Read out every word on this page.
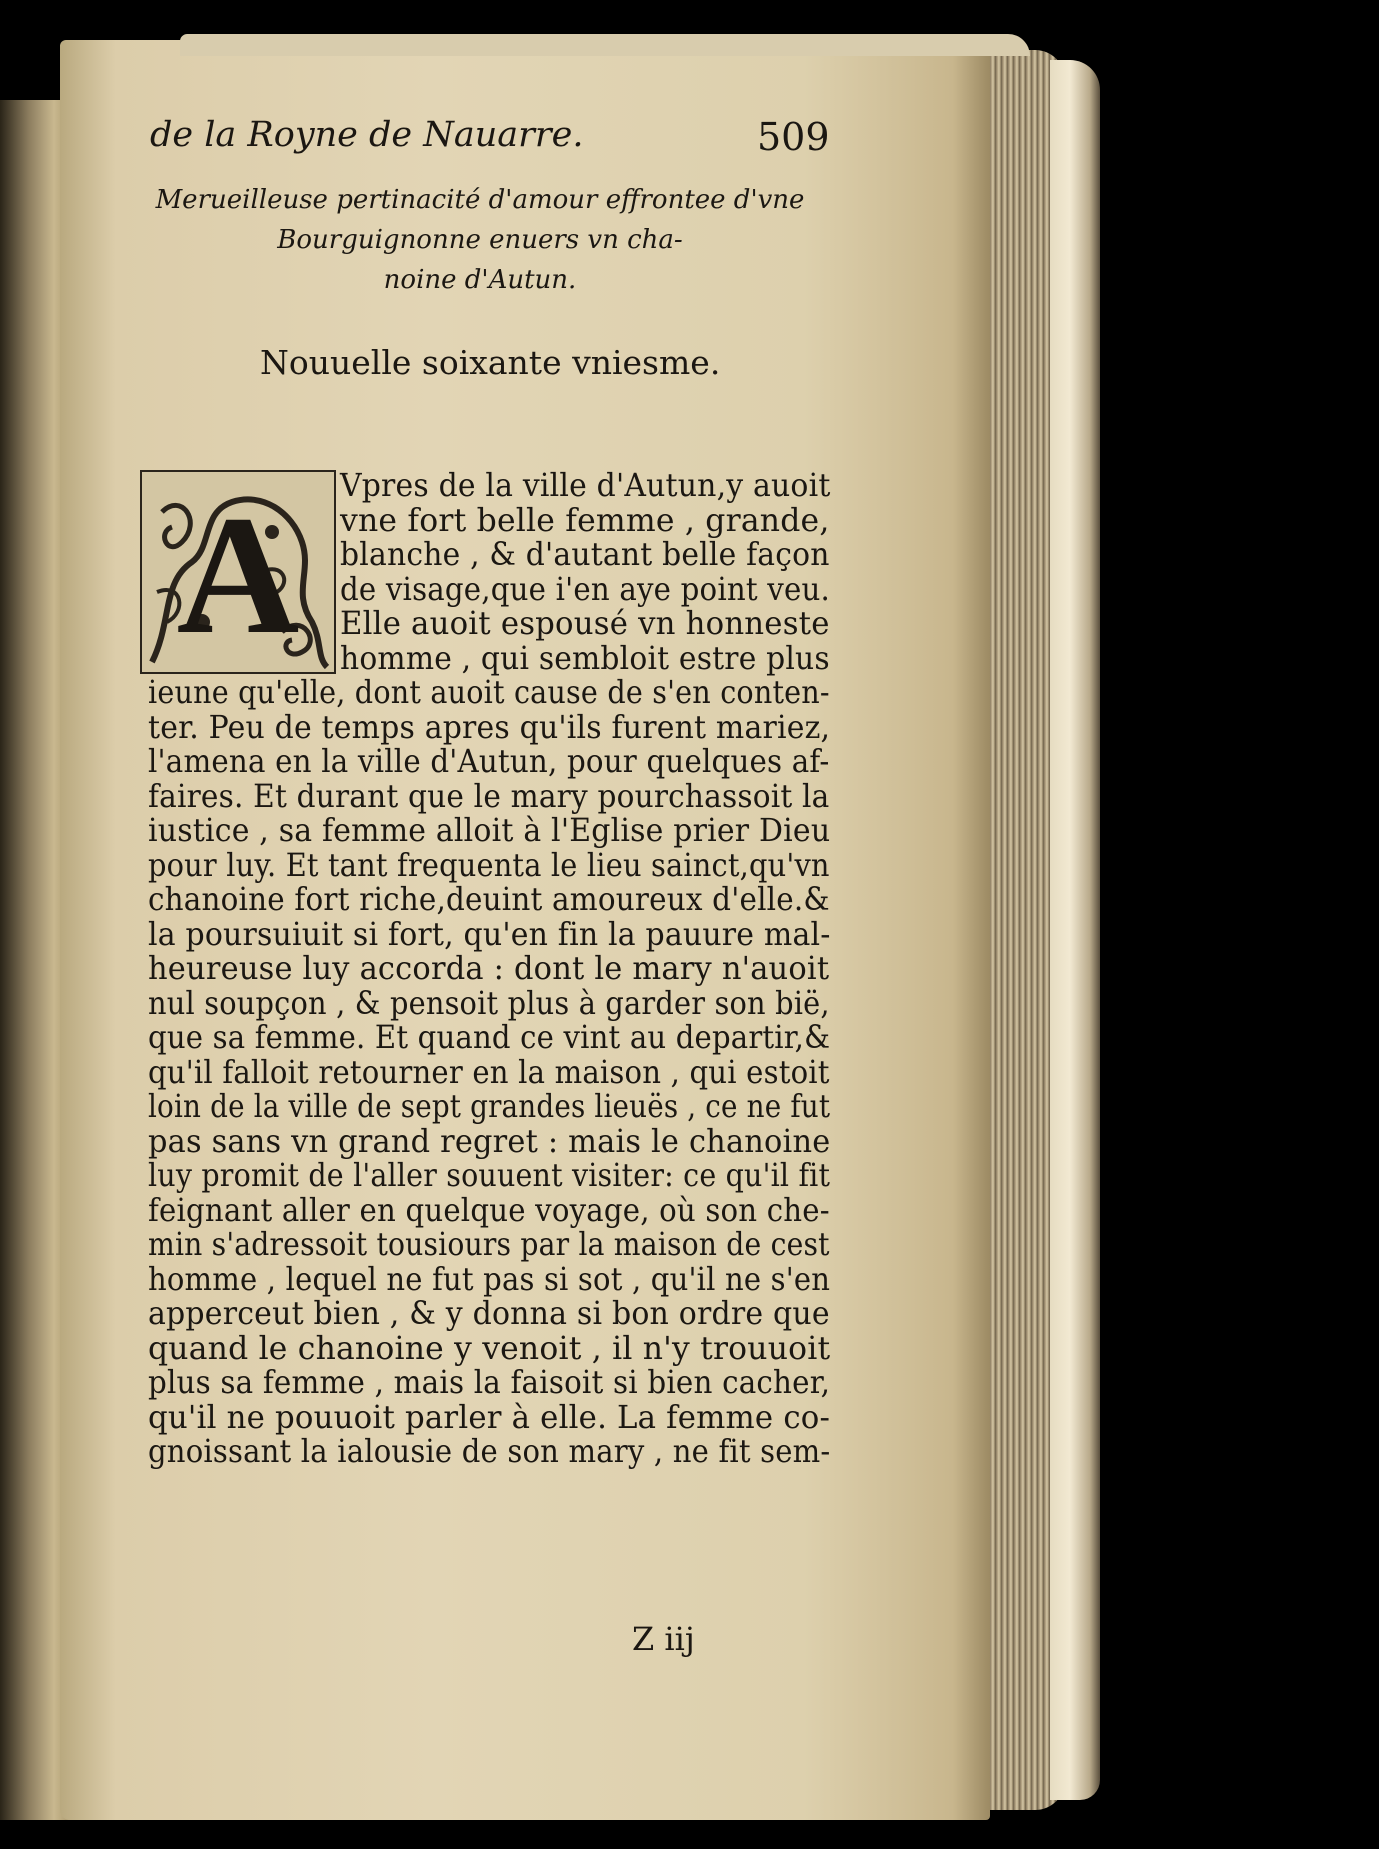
de la Royne de Nauarre.	509
Merueilleuse pertinacité d'amour effrontee d'vne
Bourguignonne enuers vn cha-
noine d'Autun.
Nouuelle soixante vniesme.
A Vpres de la ville d'Autun,y auoit
vne fort belle femme , grande,
blanche , & d'autant belle façon
de visage,que i'en aye point veu.
Elle auoit espousé vn honneste
homme , qui sembloit estre plus
ieune qu'elle, dont auoit cause de s'en conten-
ter. Peu de temps apres qu'ils furent mariez,
l'amena en la ville d'Autun, pour quelques af-
faires. Et durant que le mary pourchassoit la
iustice , sa femme alloit à l'Eglise prier Dieu
pour luy. Et tant frequenta le lieu sainct,qu'vn
chanoine fort riche,deuint amoureux d'elle.&
la poursuiuit si fort, qu'en fin la pauure mal-
heureuse luy accorda : dont le mary n'auoit
nul soupçon , & pensoit plus à garder son bië,
que sa femme. Et quand ce vint au departir,&
qu'il falloit retourner en la maison , qui estoit
loin de la ville de sept grandes lieuës , ce ne fut
pas sans vn grand regret : mais le chanoine
luy promit de l'aller souuent visiter: ce qu'il fit
feignant aller en quelque voyage, où son che-
min s'adressoit tousiours par la maison de cest
homme , lequel ne fut pas si sot , qu'il ne s'en
apperceut bien , & y donna si bon ordre que
quand le chanoine y venoit , il n'y trouuoit
plus sa femme , mais la faisoit si bien cacher,
qu'il ne pouuoit parler à elle. La femme co-
gnoissant la ialousie de son mary , ne fit sem-
Z iij
